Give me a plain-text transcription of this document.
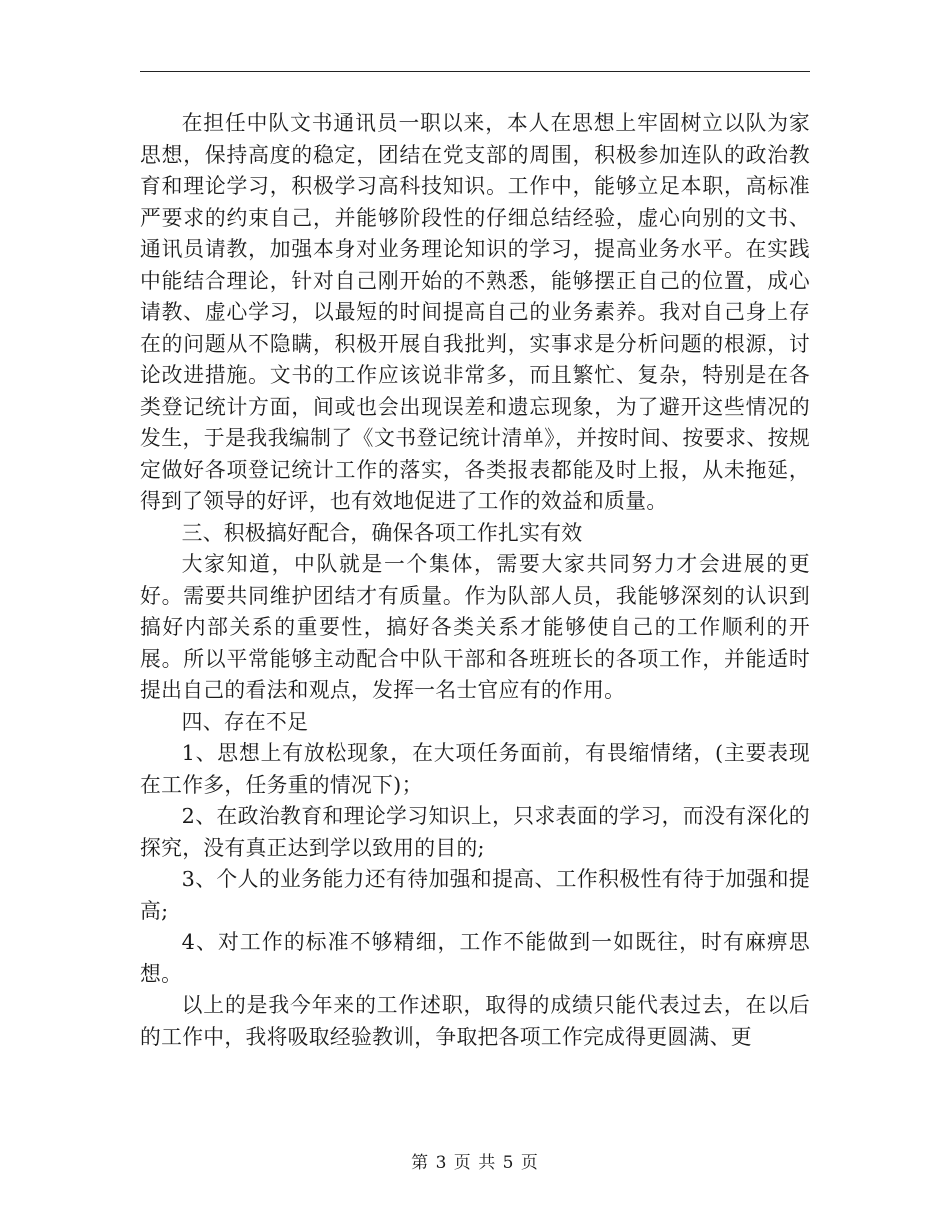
在担任中队文书通讯员一职以来，本人在思想上牢固树立以队为家思想，保持高度的稳定，团结在党支部的周围，积极参加连队的政治教育和理论学习，积极学习高科技知识。工作中，能够立足本职，高标准严要求的约束自己，并能够阶段性的仔细总结经验，虚心向别的文书、通讯员请教，加强本身对业务理论知识的学习，提高业务水平。在实践中能结合理论，针对自己刚开始的不熟悉，能够摆正自己的位置，成心请教、虚心学习，以最短的时间提高自己的业务素养。我对自己身上存在的问题从不隐瞒，积极开展自我批判，实事求是分析问题的根源，讨论改进措施。文书的工作应该说非常多，而且繁忙、复杂，特别是在各类登记统计方面，间或也会出现误差和遗忘现象，为了避开这些情况的发生，于是我我编制了《文书登记统计清单》，并按时间、按要求、按规定做好各项登记统计工作的落实，各类报表都能及时上报，从未拖延，得到了领导的好评，也有效地促进了工作的效益和质量。

三、积极搞好配合，确保各项工作扎实有效

大家知道，中队就是一个集体，需要大家共同努力才会进展的更好。需要共同维护团结才有质量。作为队部人员，我能够深刻的认识到搞好内部关系的重要性，搞好各类关系才能够使自己的工作顺利的开展。所以平常能够主动配合中队干部和各班班长的各项工作，并能适时提出自己的看法和观点，发挥一名士官应有的作用。

四、存在不足

1、思想上有放松现象，在大项任务面前，有畏缩情绪，(主要表现在工作多，任务重的情况下)；

2、在政治教育和理论学习知识上，只求表面的学习，而没有深化的探究，没有真正达到学以致用的目的;

3、个人的业务能力还有待加强和提高、工作积极性有待于加强和提高;

4、对工作的标准不够精细，工作不能做到一如既往，时有麻痹思想。

以上的是我今年来的工作述职，取得的成绩只能代表过去，在以后的工作中，我将吸取经验教训，争取把各项工作完成得更圆满、更

第 3 页 共 5 页
